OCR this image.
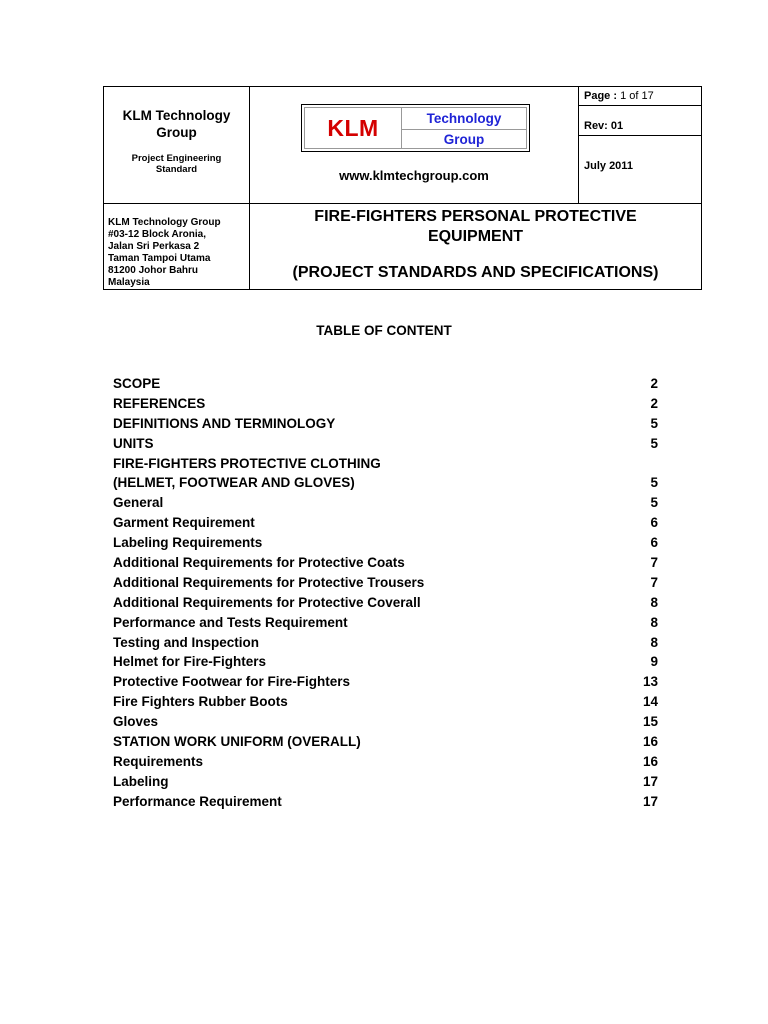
KLM Technology Group
Project Engineering
Standard
KLM	Technology
Group
www.klmtechgroup.com
Page : 1 of 17
Rev: 01
July 2011
KLM Technology Group
#03-12 Block Aronia,
Jalan Sri Perkasa 2
Taman Tampoi Utama
81200 Johor Bahru
Malaysia
FIRE-FIGHTERS PERSONAL PROTECTIVE
EQUIPMENT
(PROJECT STANDARDS AND SPECIFICATIONS)
TABLE OF CONTENT
SCOPE	2
REFERENCES	2
DEFINITIONS AND TERMINOLOGY	5
UNITS	5
FIRE-FIGHTERS PROTECTIVE CLOTHING
(HELMET, FOOTWEAR AND GLOVES)	5
General	5
Garment Requirement	6
Labeling Requirements	6
Additional Requirements for Protective Coats	7
Additional Requirements for Protective Trousers	7
Additional Requirements for Protective Coverall	8
Performance and Tests Requirement	8
Testing and Inspection	8
Helmet for Fire-Fighters	9
Protective Footwear for Fire-Fighters	13
Fire Fighters Rubber Boots	14
Gloves	15
STATION WORK UNIFORM (OVERALL)	16
Requirements	16
Labeling	17
Performance Requirement	17
